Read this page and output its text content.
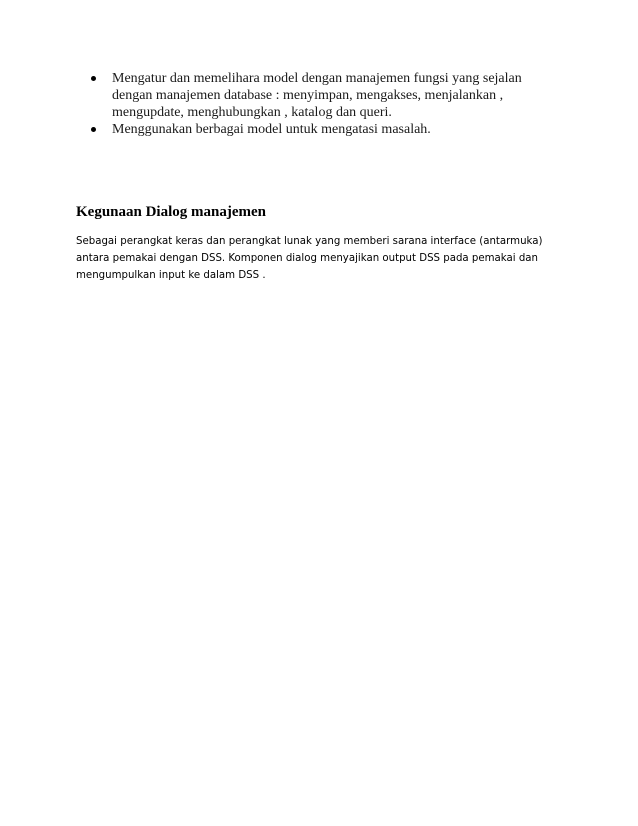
Mengatur dan memelihara model dengan manajemen fungsi yang sejalan dengan manajemen database : menyimpan, mengakses, menjalankan , mengupdate, menghubungkan , katalog dan queri.
Menggunakan berbagai model untuk mengatasi masalah.
Kegunaan Dialog manajemen

Sebagai perangkat keras dan perangkat lunak yang memberi sarana interface (antarmuka) antara pemakai dengan DSS. Komponen dialog menyajikan output DSS pada pemakai dan mengumpulkan input ke dalam DSS .
